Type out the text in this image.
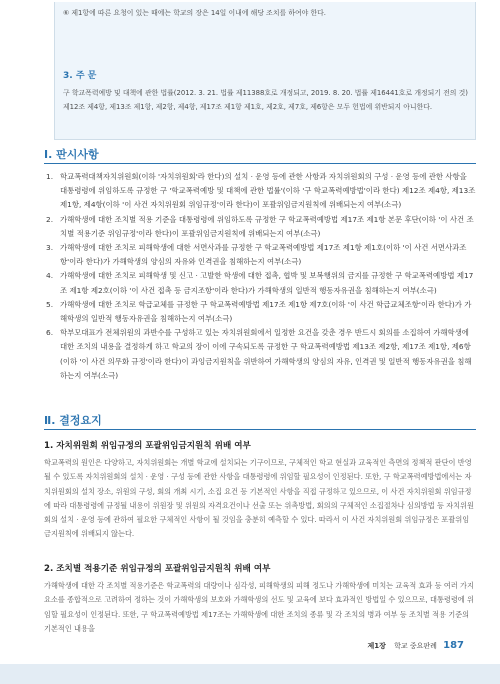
⑥ 제1항에 따른 요청이 있는 때에는 학교의 장은 14일 이내에 해당 조치를 하여야 한다.
3. 주 문
구 학교폭력예방 및 대책에 관한 법률(2012. 3. 21. 법률 제11388호로 개정되고, 2019. 8. 20. 법률 제16441호로 개정되기 전의 것) 제12조 제4항, 제13조 제1항, 제2항, 제4항, 제17조 제1항 제1호, 제2호, 제7호, 제6항은 모두 헌법에 위반되지 아니한다.
Ⅰ. 판시사항
1. 학교폭력대책자치위원회(이하 '자치위원회'라 한다)의 설치 · 운영 등에 관한 사항과 자치위원회의 구성 · 운영 등에 관한 사항을 대통령령에 위임하도록 규정한 구 '학교폭력예방 및 대책에 관한 법률'(이하 '구 학교폭력예방법'이라 한다) 제12조 제4항, 제13조 제1항, 제4항(이하 '이 사건 자치위원회 위임규정'이라 한다)이 포괄위임금지원칙에 위배되는지 여부(소극)
2. 가해학생에 대한 조치별 적용 기준을 대통령령에 위임하도록 규정한 구 학교폭력예방법 제17조 제1항 본문 후단(이하 '이 사건 조치별 적용기준 위임규정'이라 한다)이 포괄위임금지원칙에 위배되는지 여부(소극)
3. 가해학생에 대한 조치로 피해학생에 대한 서면사과를 규정한 구 학교폭력예방법 제17조 제1항 제1호(이하 '이 사건 서면사과조항'이라 한다)가 가해학생의 양심의 자유와 인격권을 침해하는지 여부(소극)
4. 가해학생에 대한 조치로 피해학생 및 신고 · 고발한 학생에 대한 접촉, 협박 및 보복행위의 금지를 규정한 구 학교폭력예방법 제17조 제1항 제2호(이하 '이 사건 접촉 등 금지조항'이라 한다)가 가해학생의 일반적 행동자유권을 침해하는지 여부(소극)
5. 가해학생에 대한 조치로 학급교체를 규정한 구 학교폭력예방법 제17조 제1항 제7호(이하 '이 사건 학급교체조항'이라 한다)가 가해학생의 일반적 행동자유권을 침해하는지 여부(소극)
6. 학부모대표가 전체위원의 과반수를 구성하고 있는 자치위원회에서 일정한 요건을 갖춘 경우 반드시 회의를 소집하여 가해학생에 대한 조치의 내용을 결정하게 하고 학교의 장이 이에 구속되도록 규정한 구 학교폭력예방법 제13조 제2항, 제17조 제1항, 제6항(이하 '이 사건 의무화 규정'이라 한다)이 과잉금지원칙을 위반하여 가해학생의 양심의 자유, 인격권 및 일반적 행동자유권을 침해하는지 여부(소극)
Ⅱ. 결정요지
1. 자치위원회 위임규정의 포괄위임금지원칙 위배 여부
학교폭력의 원인은 다양하고, 자치위원회는 개별 학교에 설치되는 기구이므로, 구체적인 학교 현실과 교육적인 측면의 정책적 판단이 반영될 수 있도록 자치위원회의 설치 · 운영 · 구성 등에 관한 사항을 대통령령에 위임할 필요성이 인정된다. 또한, 구 학교폭력예방법에서는 자치위원회의 설치 장소, 위원의 구성, 회의 개최 시기, 소집 요건 등 기본적인 사항을 직접 규정하고 있으므로, 이 사건 자치위원회 위임규정에 따라 대통령령에 규정될 내용이 위원장 및 위원의 자격요건이나 선출 또는 위촉방법, 회의의 구체적인 소집절차나 심의방법 등 자치위원회의 설치 · 운영 등에 관하여 필요한 구체적인 사항이 될 것임을 충분히 예측할 수 있다. 따라서 이 사건 자치위원회 위임규정은 포괄위임금지원칙에 위배되지 않는다.
2. 조치별 적용기준 위임규정의 포괄위임금지원칙 위배 여부
가해학생에 대한 각 조치별 적용기준은 학교폭력의 대량이나 심각성, 피해학생의 피해 정도나 가해학생에 미치는 교육적 효과 등 여러 가지 요소를 종합적으로 고려하여 정하는 것이 가해학생의 보호와 가해학생의 선도 및 교육에 보다 효과적인 방법일 수 있으므로, 대통령령에 위임할 필요성이 인정된다. 또한, 구 학교폭력예방법 제17조는 가해학생에 대한 조치의 종류 및 각 조치의 병과 여부 등 조치별 적용 기준의 기본적인 내용을
제1장 학교 중요판례 187
